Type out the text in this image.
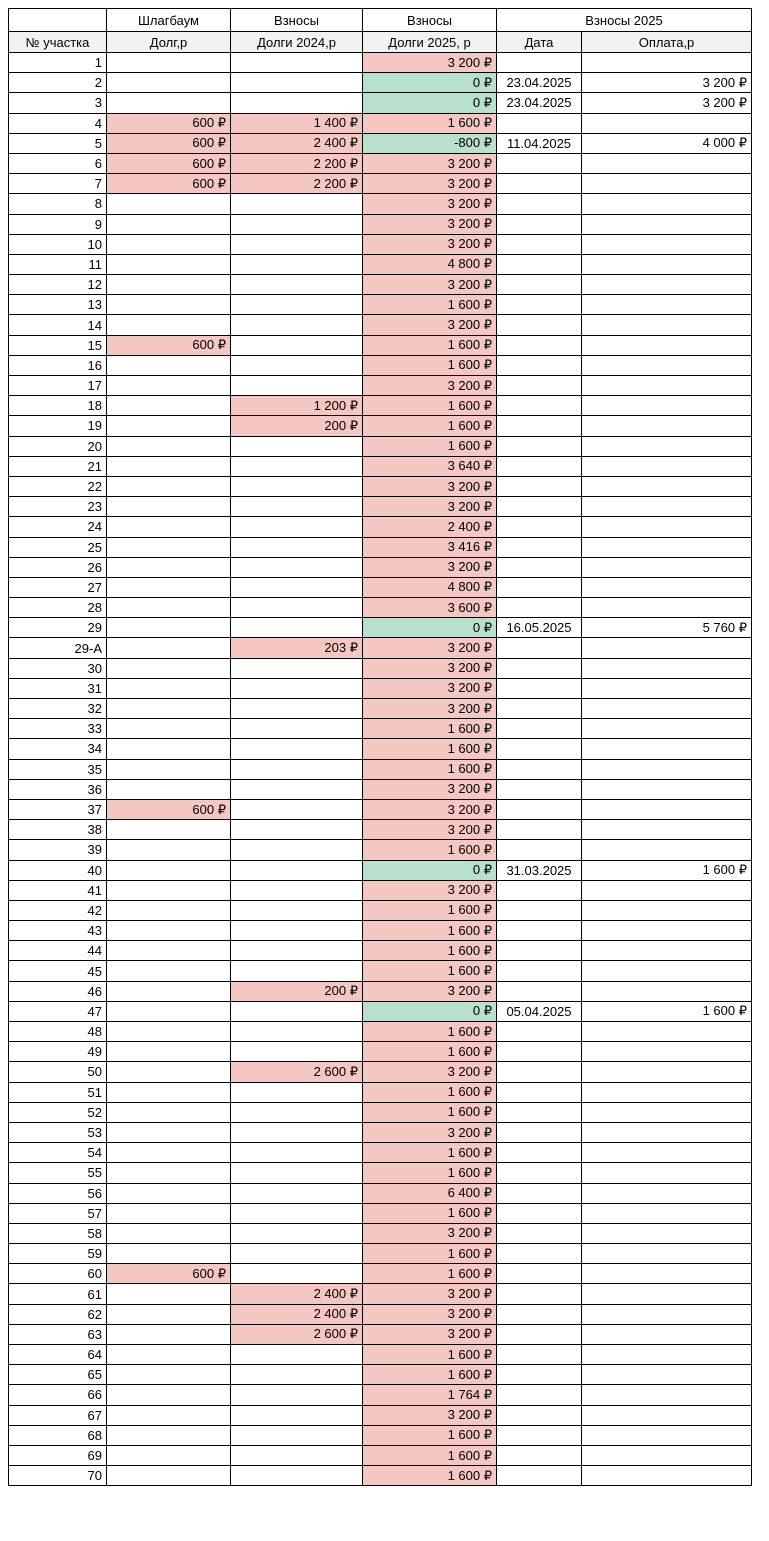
	Шлагбаум	Взносы	Взносы	Взносы 2025	
№ участка	Долг,р	Долги 2024,р	Долги 2025, р	Дата	Оплата,р
1			3 200 ₽		
2			0 ₽	23.04.2025	3 200 ₽
3			0 ₽	23.04.2025	3 200 ₽
4	600 ₽	1 400 ₽	1 600 ₽		
5	600 ₽	2 400 ₽	-800 ₽	11.04.2025	4 000 ₽
6	600 ₽	2 200 ₽	3 200 ₽		
7	600 ₽	2 200 ₽	3 200 ₽		
8			3 200 ₽		
9			3 200 ₽		
10			3 200 ₽		
11			4 800 ₽		
12			3 200 ₽		
13			1 600 ₽		
14			3 200 ₽		
15	600 ₽		1 600 ₽		
16			1 600 ₽		
17			3 200 ₽		
18		1 200 ₽	1 600 ₽		
19		200 ₽	1 600 ₽		
20			1 600 ₽		
21			3 640 ₽		
22			3 200 ₽		
23			3 200 ₽		
24			2 400 ₽		
25			3 416 ₽		
26			3 200 ₽		
27			4 800 ₽		
28			3 600 ₽		
29			0 ₽	16.05.2025	5 760 ₽
29-А		203 ₽	3 200 ₽		
30			3 200 ₽		
31			3 200 ₽		
32			3 200 ₽		
33			1 600 ₽		
34			1 600 ₽		
35			1 600 ₽		
36			3 200 ₽		
37	600 ₽		3 200 ₽		
38			3 200 ₽		
39			1 600 ₽		
40			0 ₽	31.03.2025	1 600 ₽
41			3 200 ₽		
42			1 600 ₽		
43			1 600 ₽		
44			1 600 ₽		
45			1 600 ₽		
46		200 ₽	3 200 ₽		
47			0 ₽	05.04.2025	1 600 ₽
48			1 600 ₽		
49			1 600 ₽		
50		2 600 ₽	3 200 ₽		
51			1 600 ₽		
52			1 600 ₽		
53			3 200 ₽		
54			1 600 ₽		
55			1 600 ₽		
56			6 400 ₽		
57			1 600 ₽		
58			3 200 ₽		
59			1 600 ₽		
60	600 ₽		1 600 ₽		
61		2 400 ₽	3 200 ₽		
62		2 400 ₽	3 200 ₽		
63		2 600 ₽	3 200 ₽		
64			1 600 ₽		
65			1 600 ₽		
66			1 764 ₽		
67			3 200 ₽		
68			1 600 ₽		
69			1 600 ₽		
70			1 600 ₽		
